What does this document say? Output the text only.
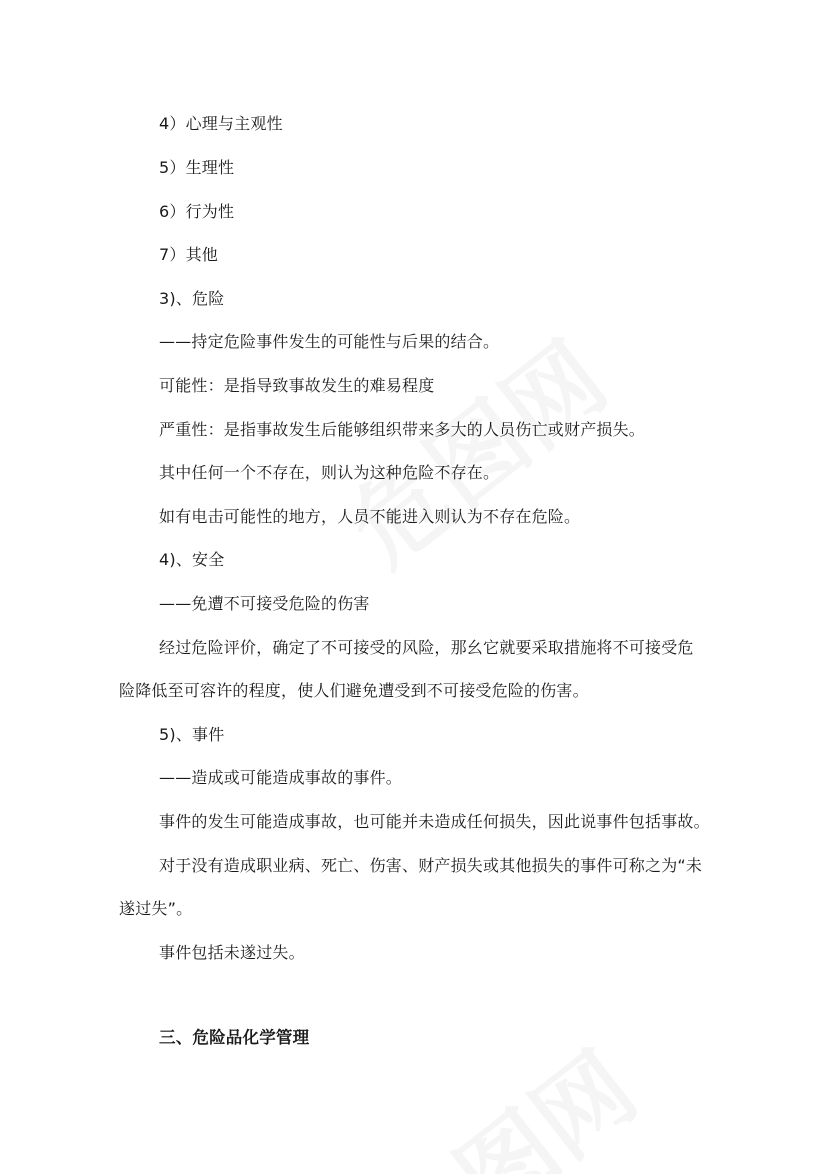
4）心理与主观性
5）生理性
6）行为性
7）其他
3)、危险
——持定危险事件发生的可能性与后果的结合。
可能性：是指导致事故发生的难易程度
严重性：是指事故发生后能够组织带来多大的人员伤亡或财产损失。
其中任何一个不存在，则认为这种危险不存在。
如有电击可能性的地方，人员不能进入则认为不存在危险。
4)、安全
——免遭不可接受危险的伤害
经过危险评价，确定了不可接受的风险，那幺它就要采取措施将不可接受危
险降低至可容许的程度，使人们避免遭受到不可接受危险的伤害。
5)、事件
——造成或可能造成事故的事件。
事件的发生可能造成事故，也可能并未造成任何损失，因此说事件包括事故。
对于没有造成职业病、死亡、伤害、财产损失或其他损失的事件可称之为“未
遂过失”。
事件包括未遂过失。
三、危险品化学管理
